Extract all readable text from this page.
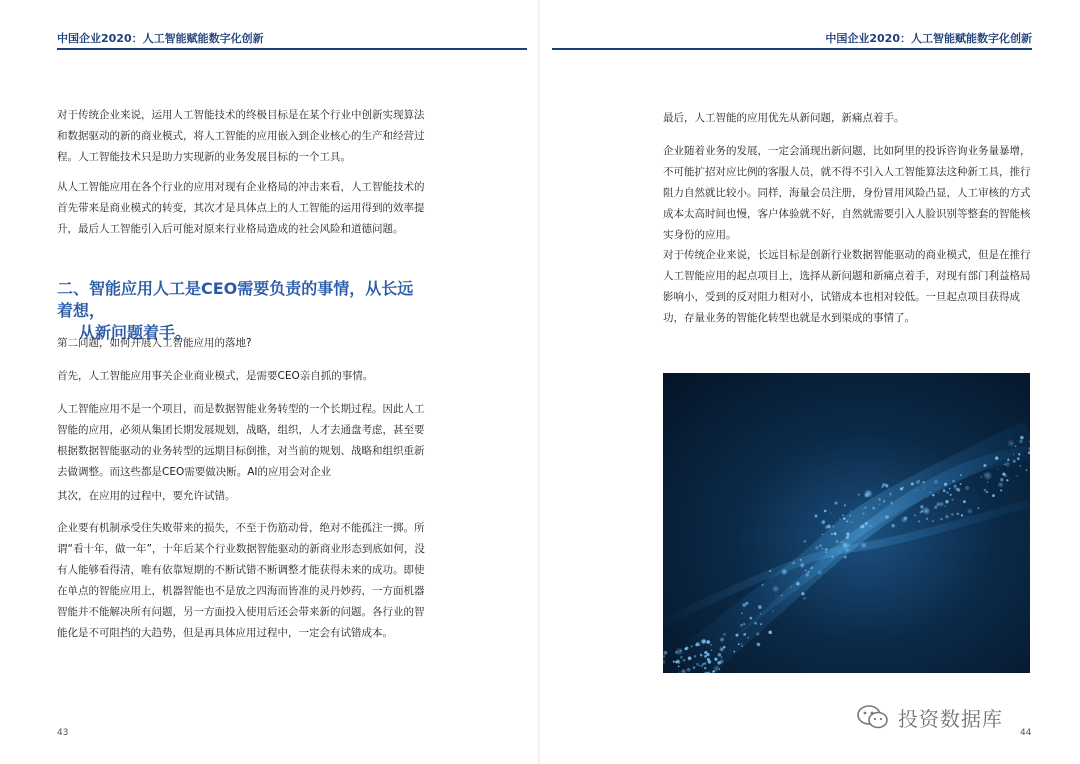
中国企业2020：人工智能赋能数字化创新

对于传统企业来说，运用人工智能技术的终极目标是在某个行业中创新实现算法和数据驱动的新的商业模式，将人工智能的应用嵌入到企业核心的生产和经营过程。人工智能技术只是助力实现新的业务发展目标的一个工具。

从人工智能应用在各个行业的应用对现有企业格局的冲击来看，人工智能技术的首先带来是商业模式的转变，其次才是具体点上的人工智能的运用得到的效率提升，最后人工智能引入后可能对原来行业格局造成的社会风险和道德问题。

二、智能应用人工是CEO需要负责的事情，从长远着想，
从新问题着手。

第二问题，如何开展人工智能应用的落地?

首先，人工智能应用事关企业商业模式，是需要CEO亲自抓的事情。

人工智能应用不是一个项目，而是数据智能业务转型的一个长期过程。因此人工智能的应用，必须从集团长期发展规划，战略，组织，人才去通盘考虑，甚至要根据数据智能驱动的业务转型的远期目标倒推，对当前的规划、战略和组织重新去做调整。而这些都是CEO需要做决断。AI的应用会对企业

其次，在应用的过程中，要允许试错。

企业要有机制承受住失败带来的损失，不至于伤筋动骨，绝对不能孤注一掷。所谓“看十年，做一年”，十年后某个行业数据智能驱动的新商业形态到底如何，没有人能够看得清，唯有依靠短期的不断试错不断调整才能获得未来的成功。即使在单点的智能应用上，机器智能也不是放之四海而皆准的灵丹妙药，一方面机器智能并不能解决所有问题，另一方面投入使用后还会带来新的问题。各行业的智能化是不可阻挡的大趋势，但是再具体应用过程中，一定会有试错成本。

43
中国企业2020：人工智能赋能数字化创新

最后，人工智能的应用优先从新问题，新痛点着手。

企业随着业务的发展，一定会涌现出新问题，比如阿里的投诉咨询业务量暴增，不可能扩招对应比例的客服人员，就不得不引入人工智能算法这种新工具，推行阻力自然就比较小。同样，海量会员注册，身份冒用风险凸显，人工审核的方式成本太高时间也慢，客户体验就不好，自然就需要引入人脸识别等整套的智能核实身份的应用。

对于传统企业来说，长远目标是创新行业数据智能驱动的商业模式，但是在推行人工智能应用的起点项目上，选择从新问题和新痛点着手，对现有部门利益格局影响小，受到的反对阻力相对小，试错成本也相对较低。一旦起点项目获得成功，存量业务的智能化转型也就是水到渠成的事情了。

44
投资数据库
